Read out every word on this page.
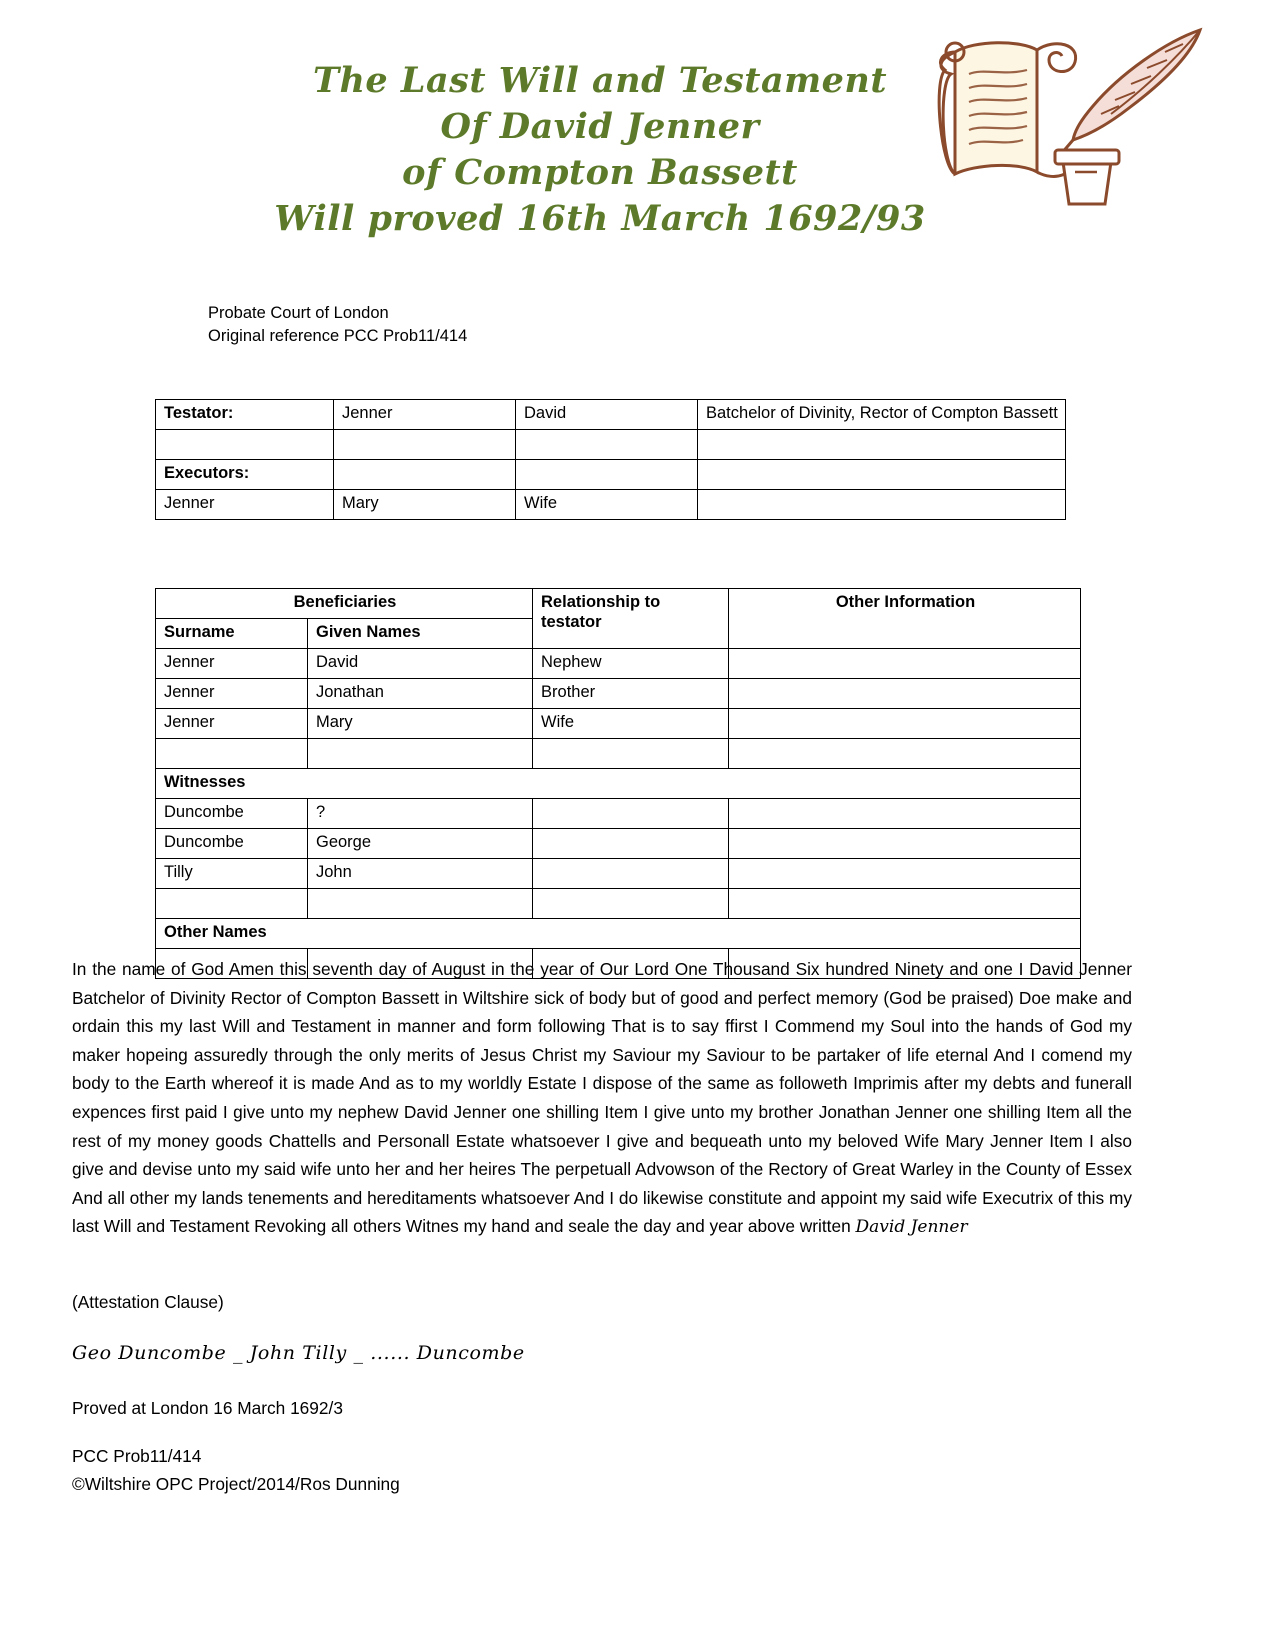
The Last Will and Testament
Of David Jenner
of Compton Bassett
Will proved 16th March 1692/93
Probate Court of London
Original reference PCC Prob11/414
Testator:	Jenner	David	Batchelor of Divinity, Rector of Compton Bassett

Executors:			
Jenner	Mary	Wife	
Beneficiaries		Relationship to testator	Other Information
Surname	Given Names		
Jenner	David	Nephew	
Jenner	Jonathan	Brother	
Jenner	Mary	Wife	

Witnesses			
Duncombe	?		
Duncombe	George		
Tilly	John		

Other Names			

In the name of God Amen this seventh day of August in the year of Our Lord One Thousand Six hundred Ninety and one I David Jenner Batchelor of Divinity Rector of Compton Bassett in Wiltshire sick of body but of good and perfect memory (God be praised) Doe make and ordain this my last Will and Testament in manner and form following That is to say ffirst I Commend my Soul into the hands of God my maker hopeing assuredly through the only merits of Jesus Christ my Saviour my Saviour to be partaker of life eternal And I comend my body to the Earth whereof it is made And as to my worldly Estate I dispose of the same as followeth Imprimis after my debts and funerall expences first paid I give unto my nephew David Jenner one shilling Item I give unto my brother Jonathan Jenner one shilling Item all the rest of my money goods Chattells and Personall Estate whatsoever I give and bequeath unto my beloved Wife Mary Jenner Item I also give and devise unto my said wife unto her and her heires The perpetuall Advowson of the Rectory of Great Warley in the County of Essex And all other my lands tenements and hereditaments whatsoever And I do likewise constitute and appoint my said wife Executrix of this my last Will and Testament Revoking all others Witnes my hand and seale the day and year above written David Jenner
(Attestation Clause)
Geo Duncombe _ John Tilly _ ...... Duncombe
Proved at London 16 March 1692/3
PCC Prob11/414
©Wiltshire OPC Project/2014/Ros Dunning
